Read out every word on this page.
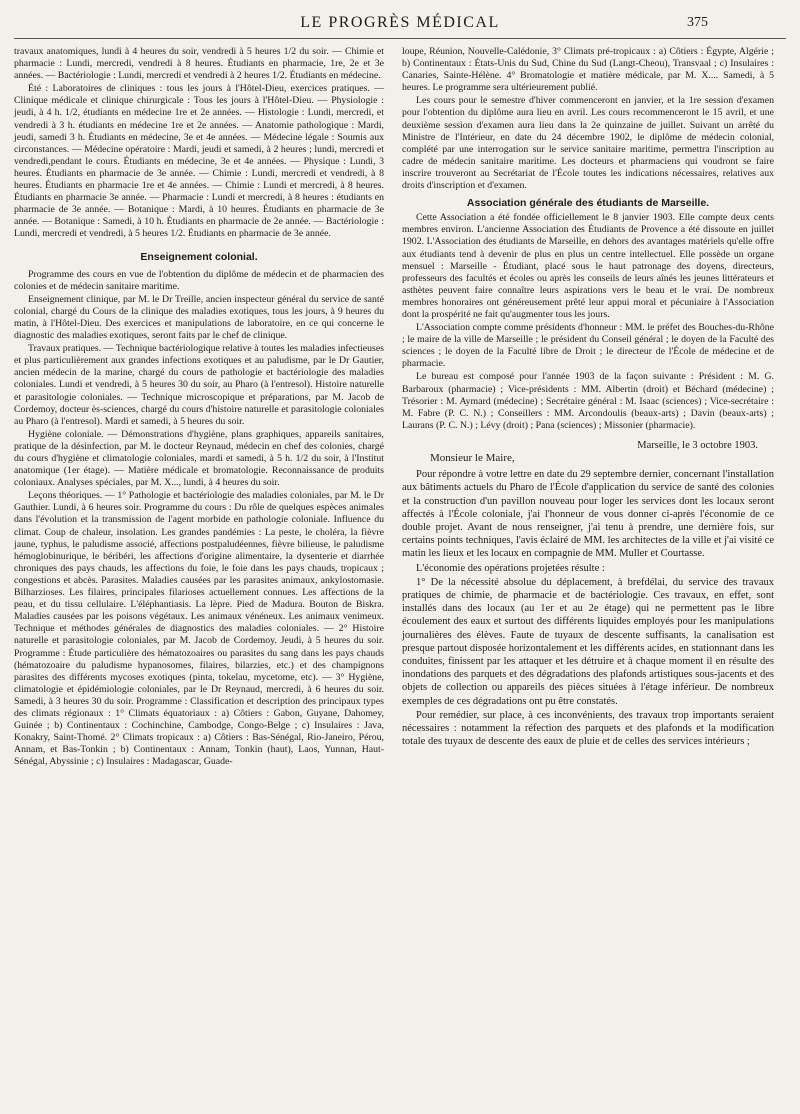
LE PROGRÈS MÉDICAL	375

travaux anatomiques, lundi à 4 heures du soir, vendredi à 5 heures 1/2 du soir. — Chimie et pharmacie : Lundi, mercredi, vendredi à 8 heures. Étudiants en pharmacie, 1re, 2e et 3e années. — Bactériologie : Lundi, mercredi et vendredi à 2 heures 1/2. Étudiants en médecine.

Été : Laboratoires de cliniques : tous les jours à l'Hôtel-Dieu, exercices pratiques. — Clinique médicale et clinique chirurgicale : Tous les jours à l'Hôtel-Dieu. — Physiologie : jeudi, à 4 h. 1/2, étudiants en médecine 1re et 2e années. — Histologie : Lundi, mercredi, et vendredi à 3 h. étudiants en médecine 1re et 2e années. — Anatomie pathologique : Mardi, jeudi, samedi 3 h. Étudiants en médecine, 3e et 4e années. — Médecine légale : Soumis aux circonstances. — Médecine opératoire : Mardi, jeudi et samedi, à 2 heures ; lundi, mercredi et vendredi,pendant le cours. Étudiants en médecine, 3e et 4e années. — Physique : Lundi, 3 heures. Étudiants en pharmacie de 3e année. — Chimie : Lundi, mercredi et vendredi, à 8 heures. Étudiants en pharmacie 1re et 4e années. — Chimie : Lundi et mercredi, à 8 heures. Étudiants en pharmacie 3e année. — Pharmacie : Lundi et mercredi, à 8 heures : étudiants en pharmacie de 3e année. — Botanique : Mardi, à 10 heures. Étudiants en pharmacie de 3e année. — Botanique : Samedi, à 10 h. Étudiants en pharmacie de 2e année. — Bactériologie : Lundi, mercredi et vendredi, à 5 heures 1/2. Étudiants en pharmacie de 3e année.

Enseignement colonial.

Programme des cours en vue de l'obtention du diplôme de médecin et de pharmacien des colonies et de médecin sanitaire maritime.

Enseignement clinique, par M. le Dr Treille, ancien inspecteur général du service de santé colonial, chargé du Cours de la clinique des maladies exotiques, tous les jours, à 9 heures du matin, à l'Hôtel-Dieu. Des exercices et manipulations de laboratoire, en ce qui concerne le diagnostic des maladies exotiques, seront faits par le chef de clinique.

Travaux pratiques. — Technique bactériologique relative à toutes les maladies infectieuses et plus particulièrement aux grandes infections exotiques et au paludisme, par le Dr Gautier, ancien médecin de la marine, chargé du cours de pathologie et bactériologie des maladies coloniales. Lundi et vendredi, à 5 heures 30 du soir, au Pharo (à l'entresol). Histoire naturelle et parasitologie coloniales. — Technique microscopique et préparations, par M. Jacob de Cordemoy, docteur ès-sciences, chargé du cours d'histoire naturelle et parasitologie coloniales au Pharo (à l'entresol). Mardi et samedi, à 5 heures du soir.

Hygiène coloniale. — Démonstrations d'hygiène, plans graphiques, appareils sanitaires, pratique de la désinfection, par M. le docteur Reynaud, médecin en chef des colonies, chargé du cours d'hygiène et climatologie coloniales, mardi et samedi, à 5 h. 1/2 du soir, à l'Institut anatomique (1er étage). — Matière médicale et bromatologie. Reconnaissance de produits coloniaux. Analyses spéciales, par M. X..., lundi, à 4 heures du soir.

Leçons théoriques. — 1° Pathologie et bactériologie des maladies coloniales, par M. le Dr Gauthier. Lundi, à 6 heures soir. Programme du cours : Du rôle de quelques espèces animales dans l'évolution et la transmission de l'agent morbide en pathologie coloniale. Influence du climat. Coup de chaleur, insolation. Les grandes pandémies : La peste, le choléra, la fièvre jaune, typhus, le paludisme associé, affections postpaludéennes, fièvre bilieuse, le paludisme hémoglobinurique, le béribéri, les affections d'origine alimentaire, la dysenterie et diarrhée chroniques des pays chauds, les affections du foie, le foie dans les pays chauds, tropicaux ; congestions et abcès. Parasites. Maladies causées par les parasites animaux, ankylostomasie. Bilharzioses. Les filaires, principales filarioses actuellement connues. Les affections de la peau, et du tissu cellulaire. L'éléphantiasis. La lèpre. Pied de Madura. Bouton de Biskra. Maladies causées par les poisons végétaux. Les animaux vénéneux. Les animaux venimeux. Technique et méthodes générales de diagnostics des maladies coloniales. — 2° Histoire naturelle et parasitologie coloniales, par M. Jacob de Cordemoy. Jeudi, à 5 heures du soir. Programme : Étude particulière des hématozoaires ou parasites du sang dans les pays chauds (hématozoaire du paludisme hypanosomes, filaires, bilarzies, etc.) et des champignons parasites des différents mycoses exotiques (pinta, tokelau, mycetome, etc). — 3° Hygiène, climatologie et épidémiologie coloniales, par le Dr Reynaud, mercredi, à 6 heures du soir. Samedi, à 3 heures 30 du soir. Programme : Classification et description des principaux types des climats régionaux : 1° Climats équatoriaux : a) Côtiers : Gabon, Guyane, Dahomey, Guinée ; b) Continentaux : Cochinchine, Cambodge, Congo-Belge ; c) Insulaires : Java, Konakry, Saint-Thomé. 2° Climats tropicaux : a) Côtiers : Bas-Sénégal, Rio-Janeiro, Pérou, Annam, et Bas-Tonkin ; b) Continentaux : Annam, Tonkin (haut), Laos, Yunnan, Haut-Sénégal, Abyssinie ; c) Insulaires : Madagascar, Guade-

loupe, Réunion, Nouvelle-Calédonie, 3° Climats pré-tropicaux : a) Côtiers : Égypte, Algérie ; b) Continentaux : États-Unis du Sud, Chine du Sud (Langt-Cheou), Transvaal ; c) Insulaires : Canaries, Sainte-Hélène. 4° Bromatologie et matière médicale, par M. X.... Samedi, à 5 heures. Le programme sera ultérieurement publié.

Les cours pour le semestre d'hiver commenceront en janvier, et la 1re session d'examen pour l'obtention du diplôme aura lieu en avril. Les cours recommenceront le 15 avril, et une deuxième session d'examen aura lieu dans la 2e quinzaine de juillet. Suivant un arrêté du Ministre de l'Intérieur, en date du 24 décembre 1902, le diplôme de médecin colonial, complété par une interrogation sur le service sanitaire maritime, permettra l'inscription au cadre de médecin sanitaire maritime. Les docteurs et pharmaciens qui voudront se faire inscrire trouveront au Secrétariat de l'École toutes les indications nécessaires, relatives aux droits d'inscription et d'examen.

Association générale des étudiants de Marseille.

Cette Association a été fondée officiellement le 8 janvier 1903. Elle compte deux cents membres environ. L'ancienne Association des Étudiants de Provence a été dissoute en juillet 1902. L'Association des étudiants de Marseille, en dehors des avantages matériels qu'elle offre aux étudiants tend à devenir de plus en plus un centre intellectuel. Elle possède un organe mensuel : Marseille - Étudiant, placé sous le haut patronage des doyens, directeurs, professeurs des facultés et écoles ou après les conseils de leurs aînés les jeunes littérateurs et asthètes peuvent faire connaître leurs aspirations vers le beau et le vrai. De nombreux membres honoraires ont généreusement prêté leur appui moral et pécuniaire à l'Association dont la prospérité ne fait qu'augmenter tous les jours.

L'Association compte comme présidents d'honneur : MM. le préfet des Bouches-du-Rhône ; le maire de la ville de Marseille ; le président du Conseil général ; le doyen de la Faculté des sciences ; le doyen de la Faculté libre de Droit ; le directeur de l'École de médecine et de pharmacie.

Le bureau est composé pour l'année 1903 de la façon suivante : Président : M. G. Barbaroux (pharmacie) ; Vice-présidents : MM. Albertin (droit) et Béchard (médecine) ; Trésorier : M. Aymard (médecine) ; Secrétaire général : M. Isaac (sciences) ; Vice-secrétaire : M. Fabre (P. C. N.) ; Conseillers : MM. Arcondoulis (beaux-arts) ; Davin (beaux-arts) ; Laurans (P. C. N.) ; Lévy (droit) ; Pana (sciences) ; Missonier (pharmacie).

Marseille, le 3 octobre 1903.
Monsieur le Maire,

Pour répondre à votre lettre en date du 29 septembre dernier, concernant l'installation aux bâtiments actuels du Pharo de l'École d'application du service de santé des colonies et la construction d'un pavillon nouveau pour loger les services dont les locaux seront affectés à l'École coloniale, j'ai l'honneur de vous donner ci-après l'économie de ce double projet. Avant de nous renseigner, j'ai tenu à prendre, une dernière fois, sur certains points techniques, l'avis éclairé de MM. les architectes de la ville et j'ai visité ce matin les lieux et les locaux en compagnie de MM. Muller et Courtasse.

L'économie des opérations projetées résulte :

1° De la nécessité absolue du déplacement, à brefdélai, du service des travaux pratiques de chimie, de pharmacie et de bactériologie. Ces travaux, en effet, sont installés dans des locaux (au 1er et au 2e étage) qui ne permettent pas le libre écoulement des eaux et surtout des différents liquides employés pour les manipulations journalières des élèves. Faute de tuyaux de descente suffisants, la canalisation est presque partout disposée horizontalement et les différents acides, en stationnant dans les conduites, finissent par les attaquer et les détruire et à chaque moment il en résulte des inondations des parquets et des dégradations des plafonds artistiques sous-jacents et des objets de collection ou appareils des pièces situées à l'étage inférieur. De nombreux exemples de ces dégradations ont pu être constatés.

Pour remédier, sur place, à ces inconvénients, des travaux trop importants seraient nécessaires : notamment la réfection des parquets et des plafonds et la modification totale des tuyaux de descente des eaux de pluie et de celles des services intérieurs ;
